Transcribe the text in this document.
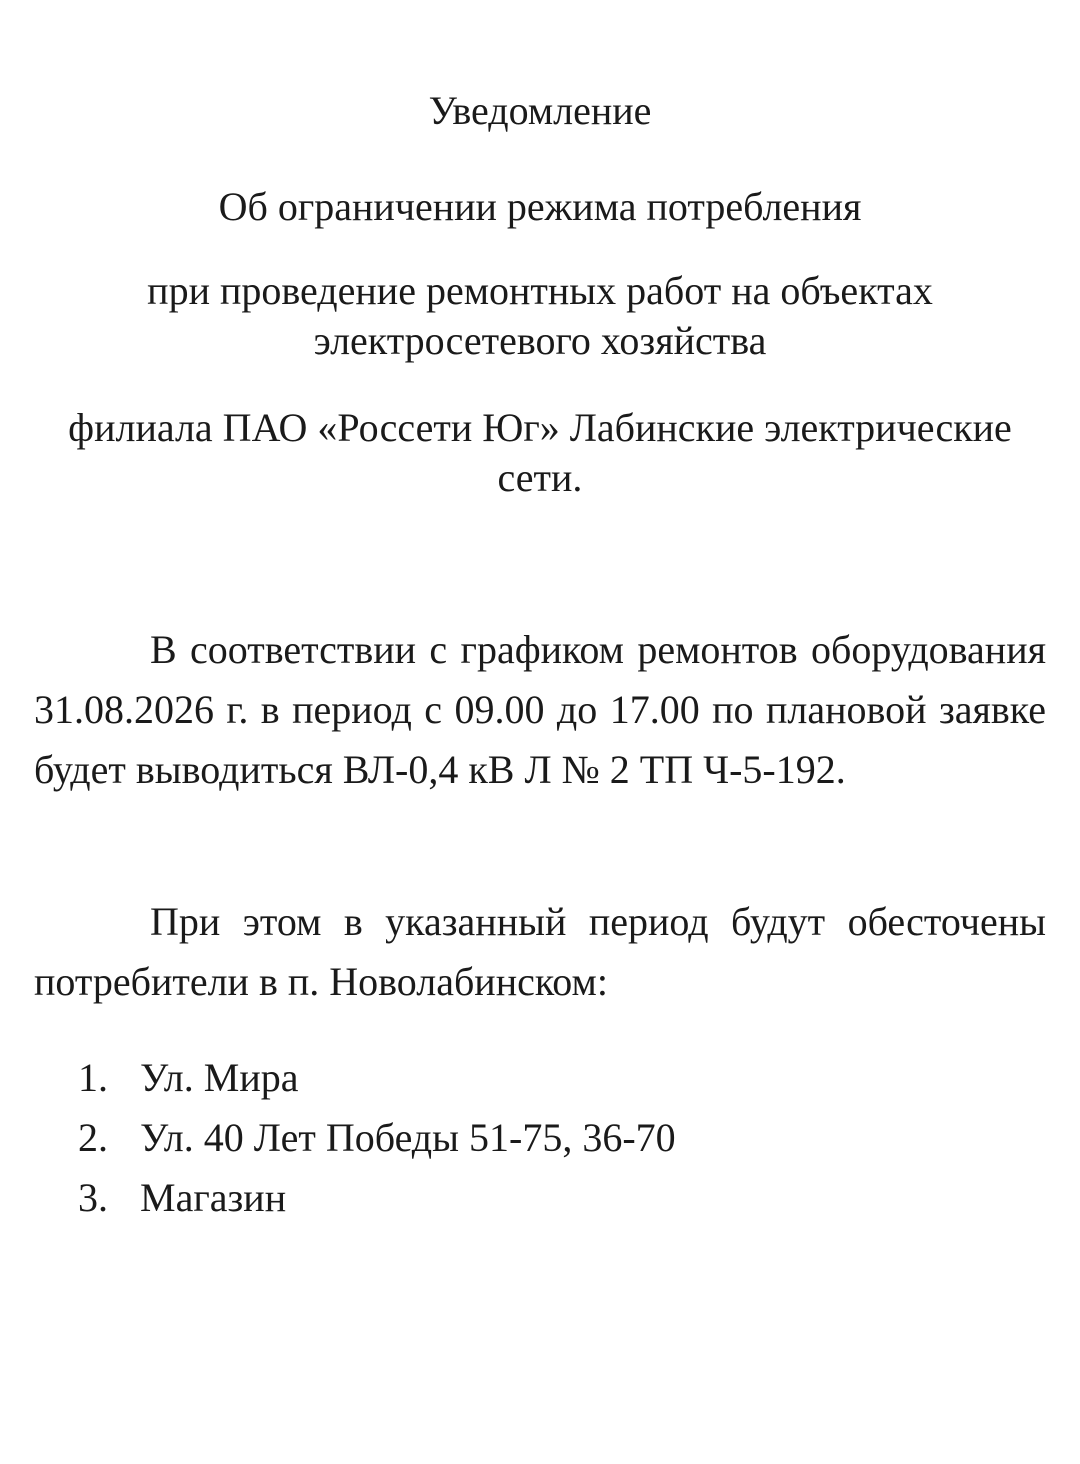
Уведомление

Об ограничении режима потребления

при проведение ремонтных работ на объектах электросетевого хозяйства

филиала ПАО «Россети Юг» Лабинские электрические сети.

В соответствии с графиком ремонтов оборудования 31.08.2026 г. в период с 09.00 до 17.00 по плановой заявке будет выводиться ВЛ-0,4 кВ Л № 2 ТП Ч-5-192.

При этом в указанный период будут обесточены потребители в п. Новолабинском:

1. Ул. Мира
2. Ул. 40 Лет Победы 51-75, 36-70
3. Магазин
